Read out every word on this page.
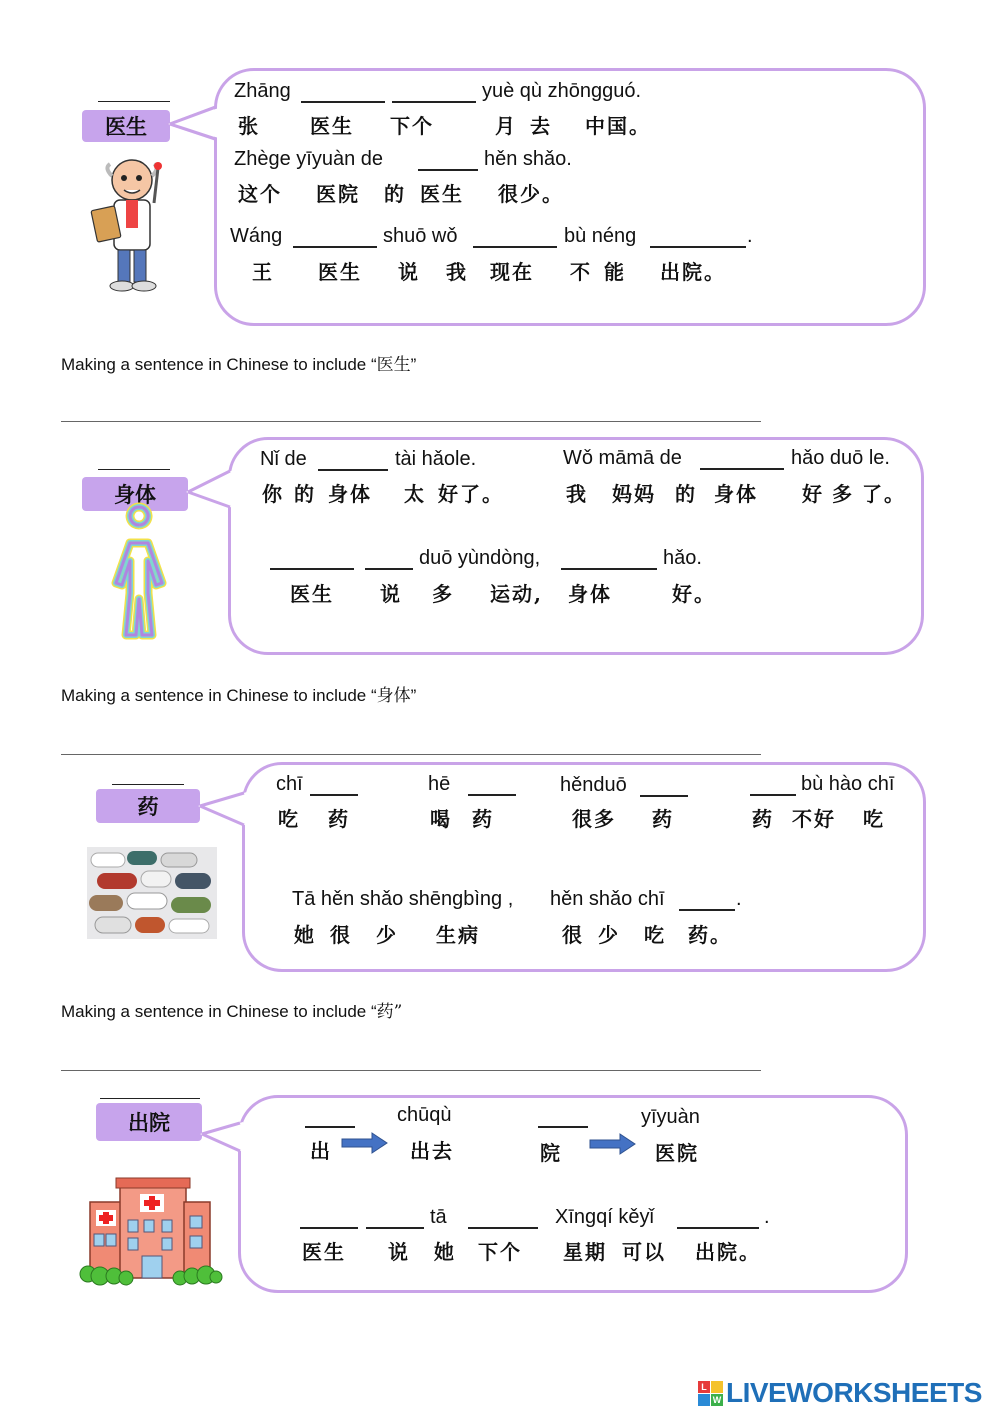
医生
Zhāng	yuè qù zhōngguó.
张	医生 下个	月 去 中国。
Zhège yīyuàn de	hěn shǎo.
这个 医院 的 医生 很少。
Wáng	shuō wǒ	bù néng	.
王 医生 说 我 现在 不 能 出院。
Making a sentence in Chinese to include “医生”
身体
Nǐ de	tài hǎole.	Wǒ māmā de	hǎo duō le.
你 的 身体 太 好了。	我 妈妈 的 身体 好 多 了。
duō yùndòng,	hǎo.
医生 说 多 运动, 身体	好。
Making a sentence in Chinese to include “身体”
药
chī	hē	hěnduō	bù hào chī
吃 药	喝 药	很多 药	药 不好 吃
Tā hěn shǎo shēngbìng , hěn shǎo chī	.
她 很 少 生病	很 少 吃 药。
Making a sentence in Chinese to include “药”
出院	chūqù	yīyuàn
出	出去	院	医院
tā	Xīngqí kěyǐ	.
医生 说 她 下个 星期 可以 出院。
L
W LIVEWORKSHEETS
